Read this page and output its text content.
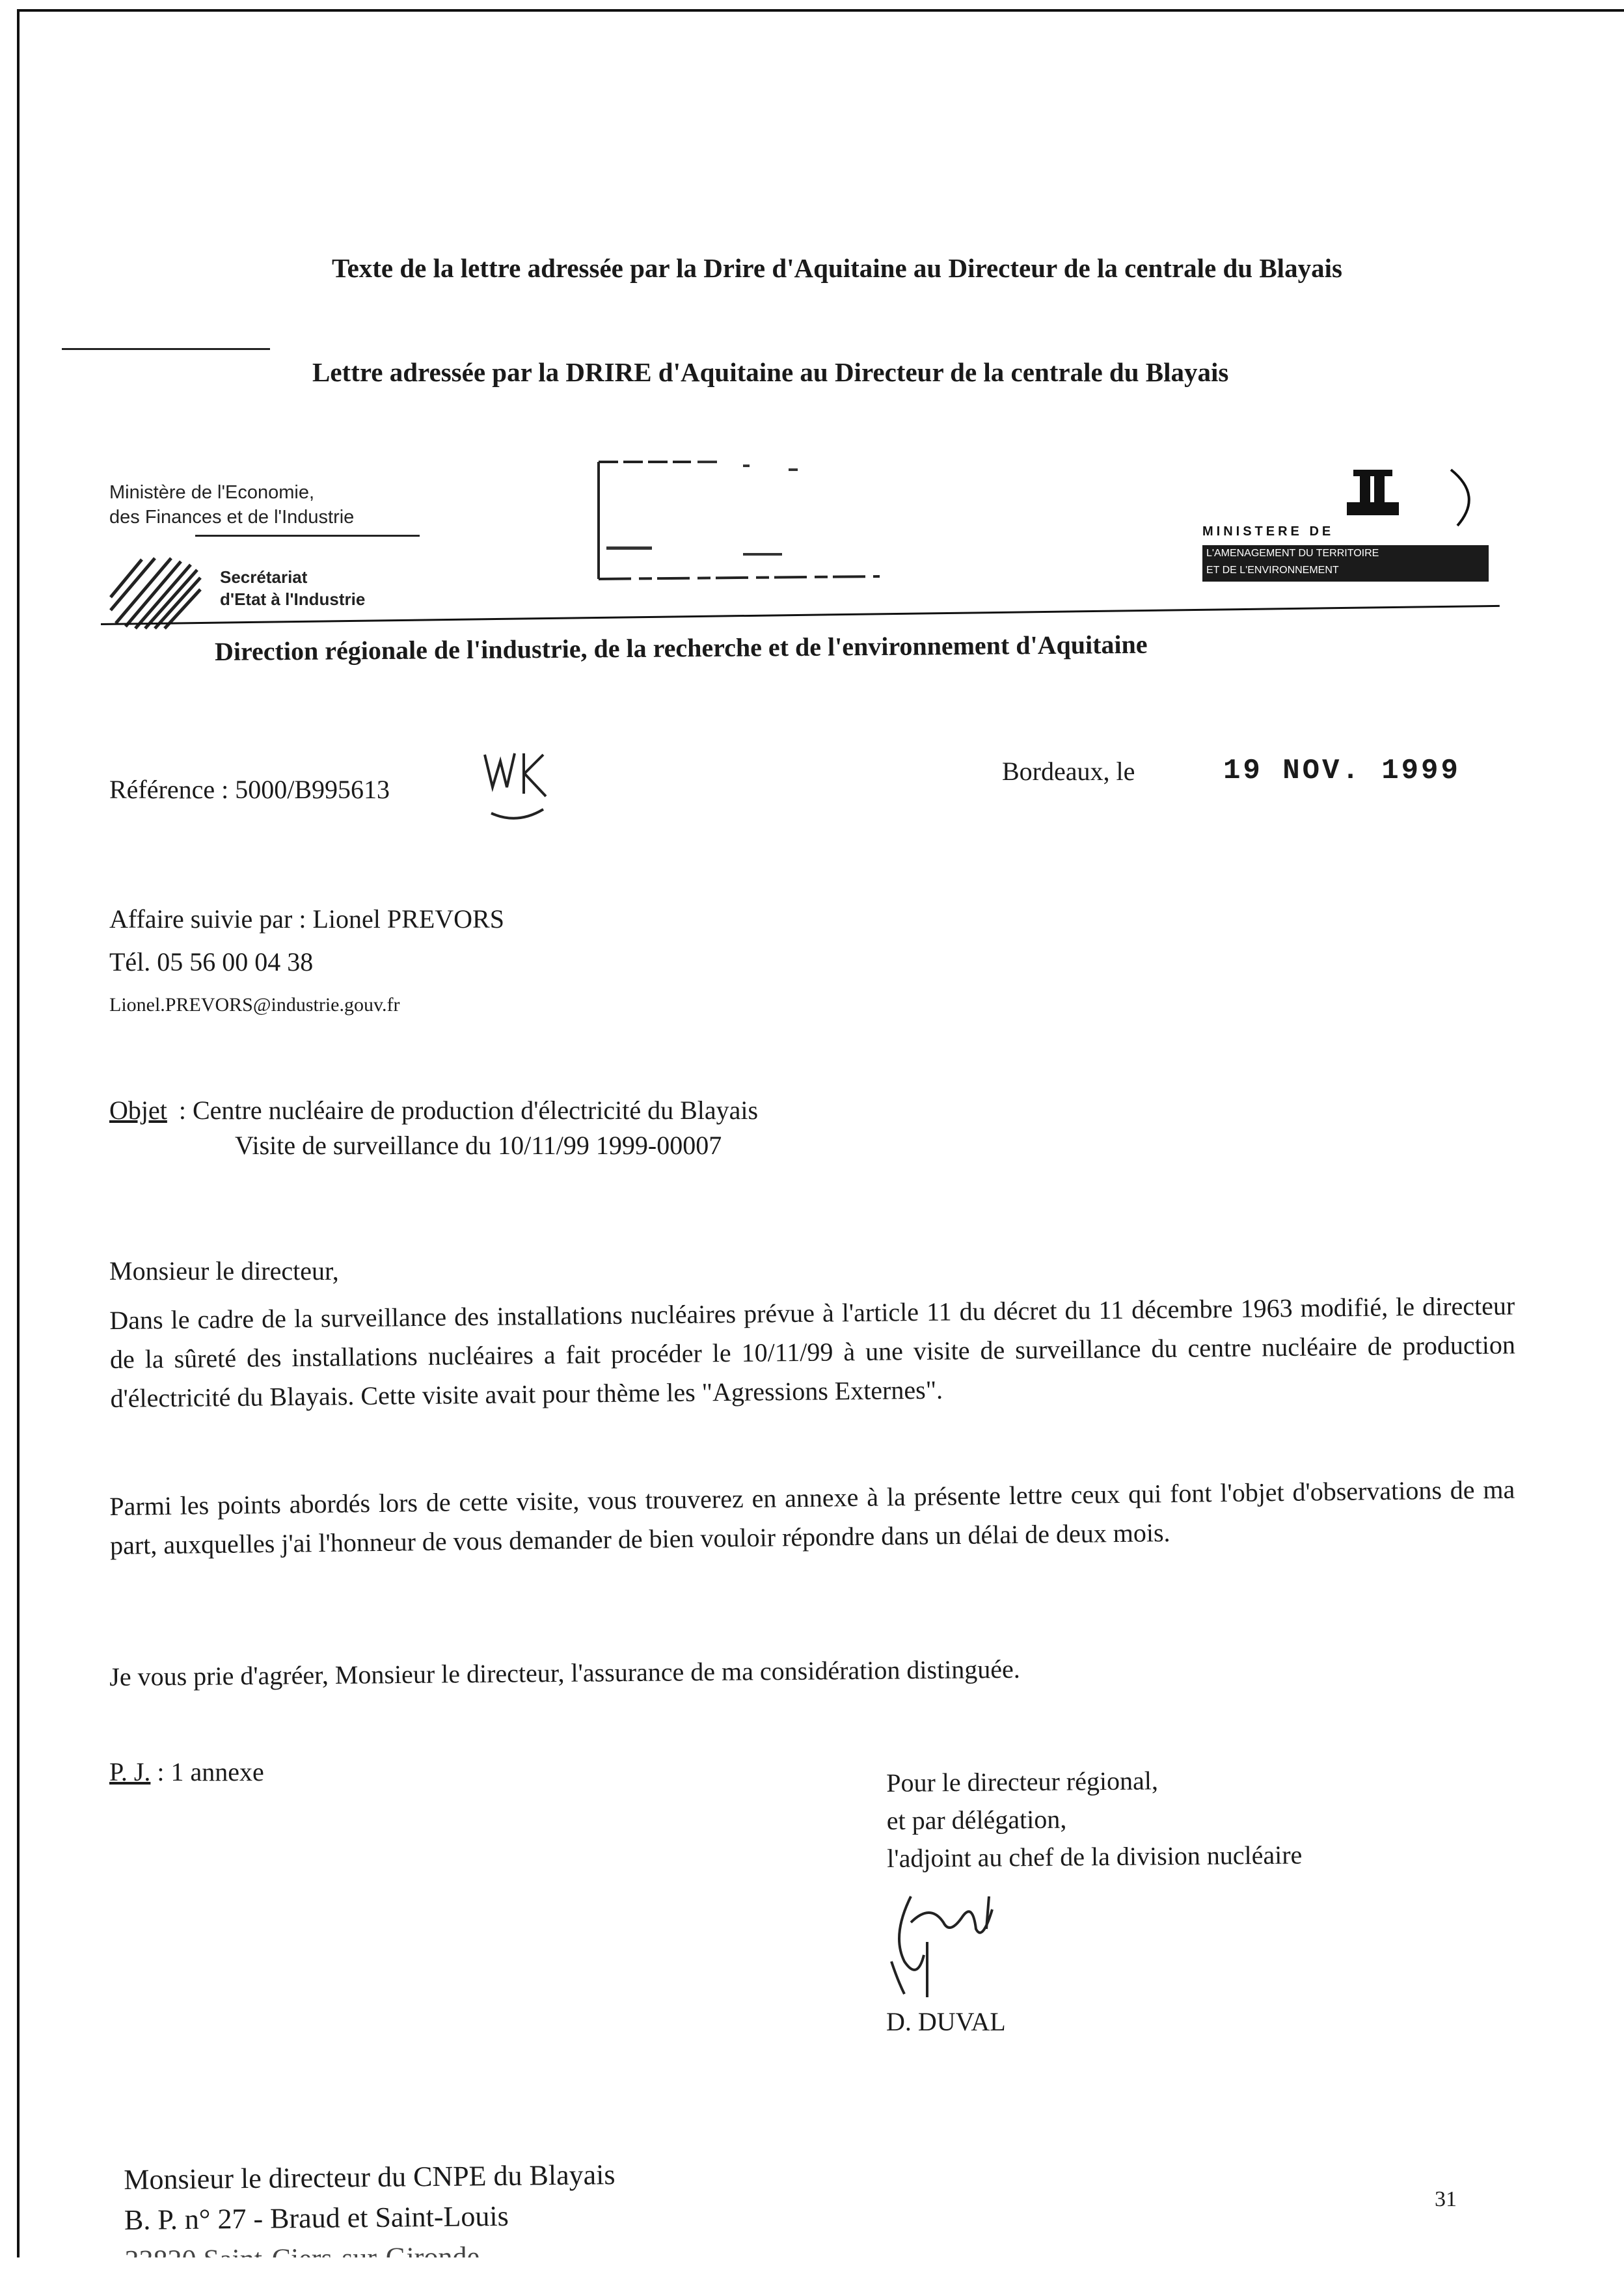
Texte de la lettre adressée par la Drire d'Aquitaine au Directeur de la centrale du Blayais
Lettre adressée par la DRIRE d'Aquitaine au Directeur de la centrale du Blayais
Ministère de l'Economie,
des Finances et de l'Industrie
Secrétariat
d'Etat à l'Industrie
MINISTERE DE
L'AMENAGEMENT DU TERRITOIRE
ET DE L'ENVIRONNEMENT
Direction régionale de l'industrie, de la recherche et de l'environnement d'Aquitaine
Référence : 5000/B995613
Bordeaux, le	19 NOV. 1999
Affaire suivie par : Lionel PREVORS
Tél. 05 56 00 04 38
Lionel.PREVORS@industrie.gouv.fr
Objet : Centre nucléaire de production d'électricité du Blayais
Visite de surveillance du 10/11/99 1999-00007
Monsieur le directeur,
Dans le cadre de la surveillance des installations nucléaires prévue à l'article 11 du décret du 11 décembre 1963 modifié, le directeur de la sûreté des installations nucléaires a fait procéder le 10/11/99 à une visite de surveillance du centre nucléaire de production d'électricité du Blayais. Cette visite avait pour thème les "Agressions Externes".
Parmi les points abordés lors de cette visite, vous trouverez en annexe à la présente lettre ceux qui font l'objet d'observations de ma part, auxquelles j'ai l'honneur de vous demander de bien vouloir répondre dans un délai de deux mois.
Je vous prie d'agréer, Monsieur le directeur, l'assurance de ma considération distinguée.
P. J. : 1 annexe	Pour le directeur régional,
et par délégation,
l'adjoint au chef de la division nucléaire
D. DUVAL
Monsieur le directeur du CNPE du Blayais
B. P. n° 27 - Braud et Saint-Louis
31
